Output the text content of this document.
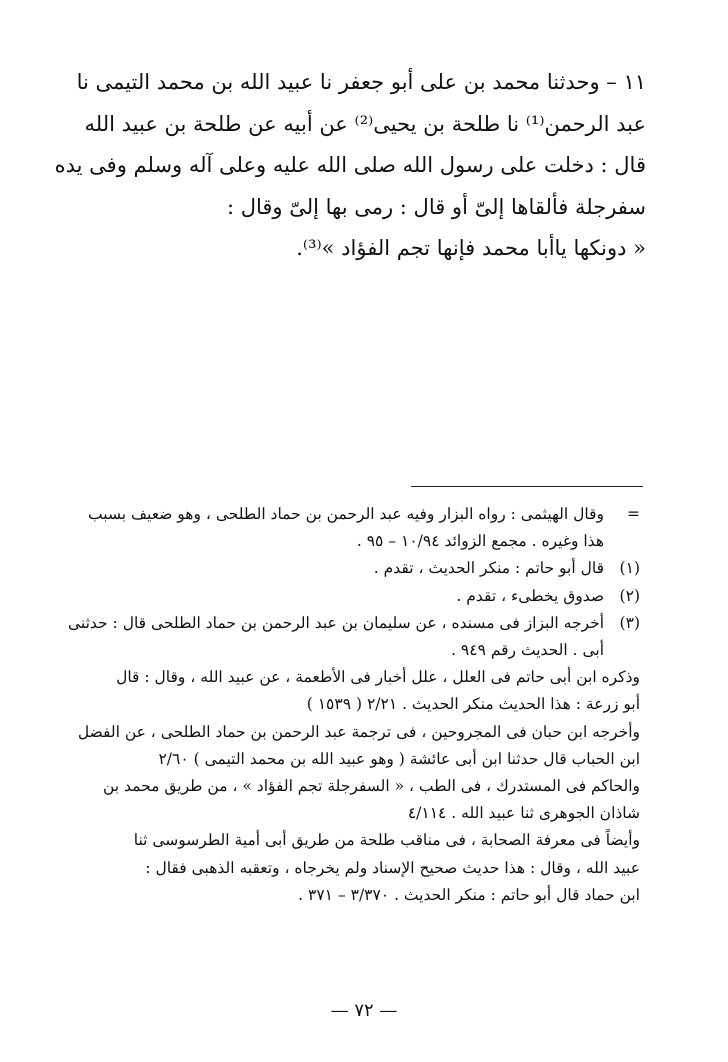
١١ – وحدثنا محمد بن على أبو جعفر نا عبيد الله بن محمد التيمى نا
عبد الرحمن⁽¹⁾ نا طلحة بن يحيى⁽²⁾ عن أبيه عن طلحة بن عبيد الله
قال : دخلت على رسول الله صلى الله عليه وعلى آله وسلم وفى يده
سفرجلة فألقاها إلىّ أو قال : رمى بها إلىّ وقال :
« دونكها ياأبا محمد فإنها تجم الفؤاد »⁽³⁾.
=
وقال الهيثمى : رواه البزار وفيه عبد الرحمن بن حماد الطلحى ، وهو ضعيف بسبب
هذا وغيره . مجمع الزوائد ١٠/٩٤ – ٩٥ .
(١)
قال أبو حاتم : منكر الحديث ، تقدم .
(٢)
صدوق يخطىء ، تقدم .
(٣)
أخرجه البزاز فى مسنده ، عن سليمان بن عبد الرحمن بن حماد الطلحى قال : حدثنى
أبى . الحديث رقم ٩٤٩ .
وذكره ابن أبى حاتم فى العلل ، علل أخبار فى الأطعمة ، عن عبيد الله ، وقال : قال
أبو زرعة : هذا الحديث منكر الحديث . ٢/٢١ ( ١٥٣٩ )
وأخرجه ابن حبان فى المجروحين ، فى ترجمة عبد الرحمن بن حماد الطلحى ، عن الفضل
ابن الحباب قال حدثنا ابن أبى عائشة ( وهو عبيد الله بن محمد التيمى ) ٢/٦٠
والحاكم فى المستدرك ، فى الطب ، « السفرجلة تجم الفؤاد » ، من طريق محمد بن
شاذان الجوهرى ثنا عبيد الله . ٤/١١٤
وأيضاً فى معرفة الصحابة ، فى مناقب طلحة من طريق أبى أمية الطرسوسى ثنا
عبيد الله ، وقال : هذا حديث صحيح الإسناد ولم يخرجاه ، وتعقبه الذهبى فقال :
ابن حماد قال أبو حاتم : منكر الحديث . ٣/٣٧٠ – ٣٧١ .
— ٧٢ —
